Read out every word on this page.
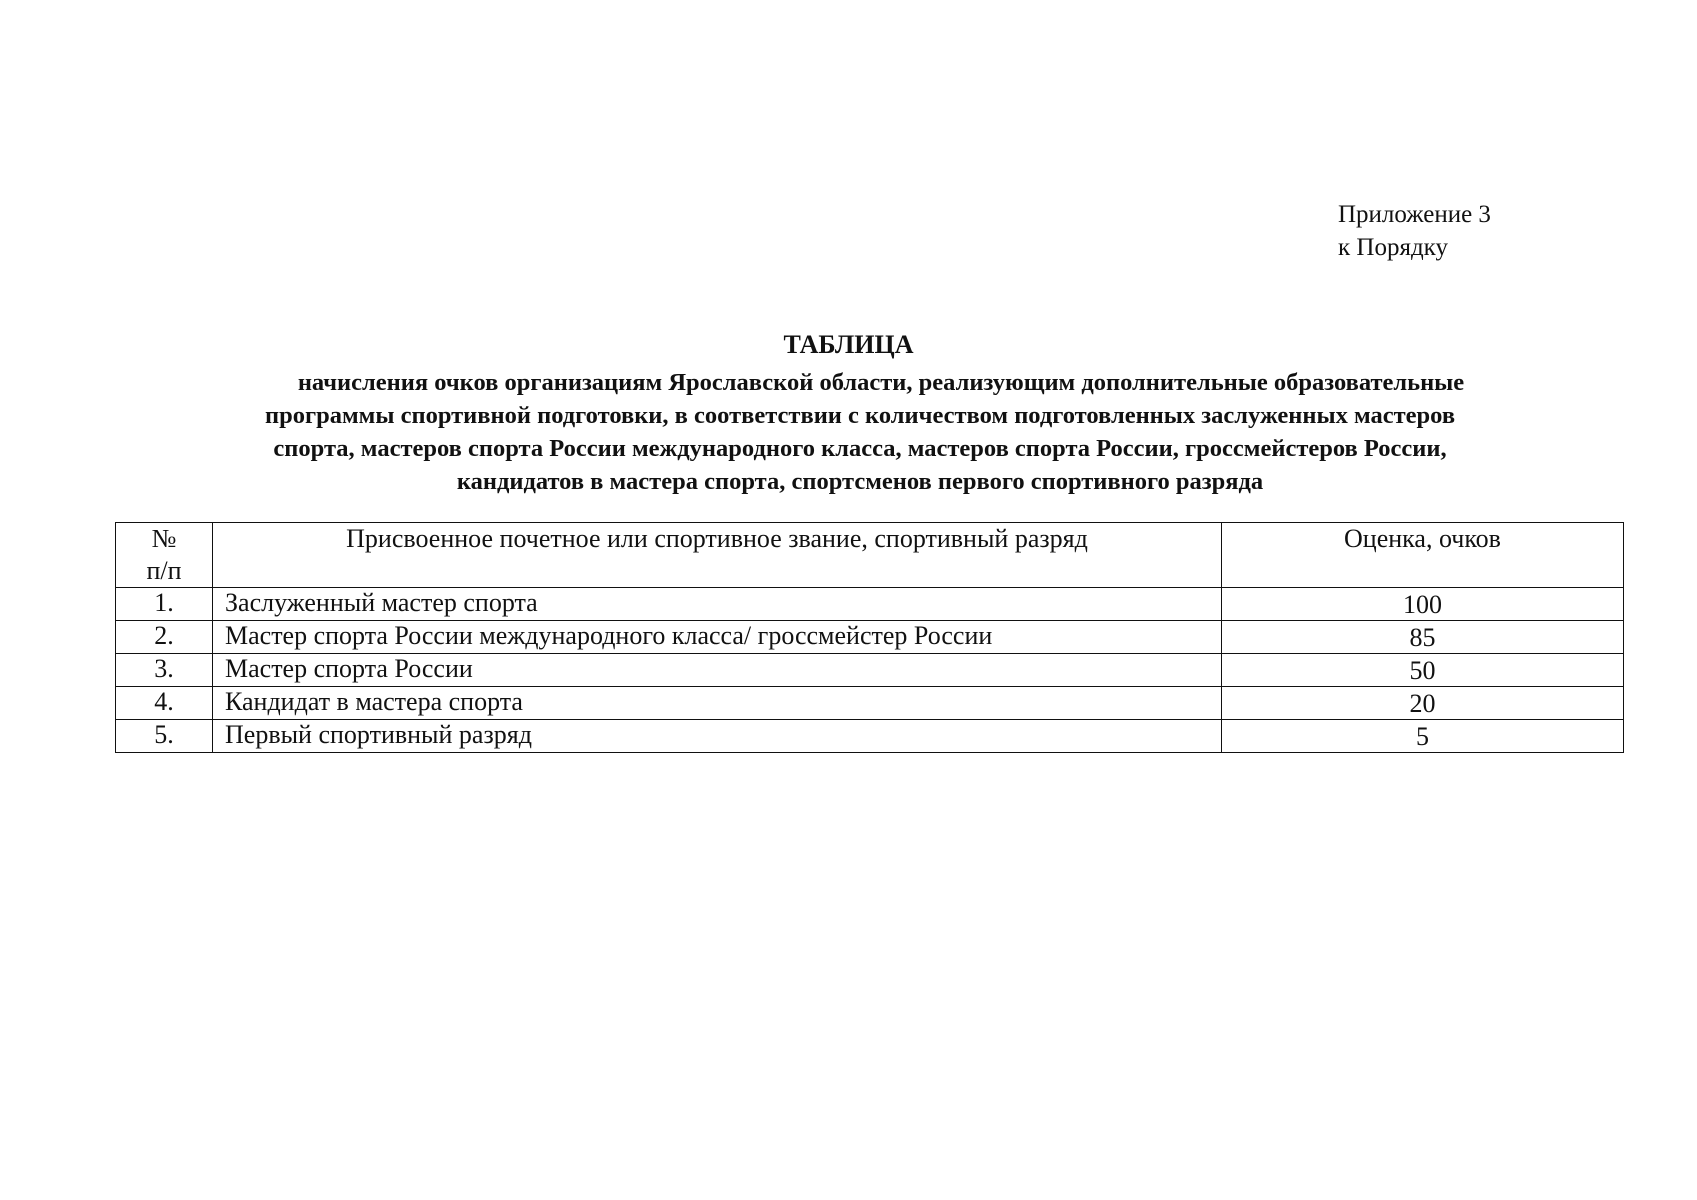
Приложение 3
к Порядку
ТАБЛИЦА
начисления очков организациям Ярославской области, реализующим дополнительные образовательные
программы спортивной подготовки, в соответствии с количеством подготовленных заслуженных мастеров
спорта, мастеров спорта России международного класса, мастеров спорта России, гроссмейстеров России,
кандидатов в мастера спорта, спортсменов первого спортивного разряда
№
п/п	Присвоенное почетное или спортивное звание, спортивный разряд	Оценка, очков
1.	Заслуженный мастер спорта	100
2.	Мастер спорта России международного класса/ гроссмейстер России	85
3.	Мастер спорта России	50
4.	Кандидат в мастера спорта	20
5.	Первый спортивный разряд	5
